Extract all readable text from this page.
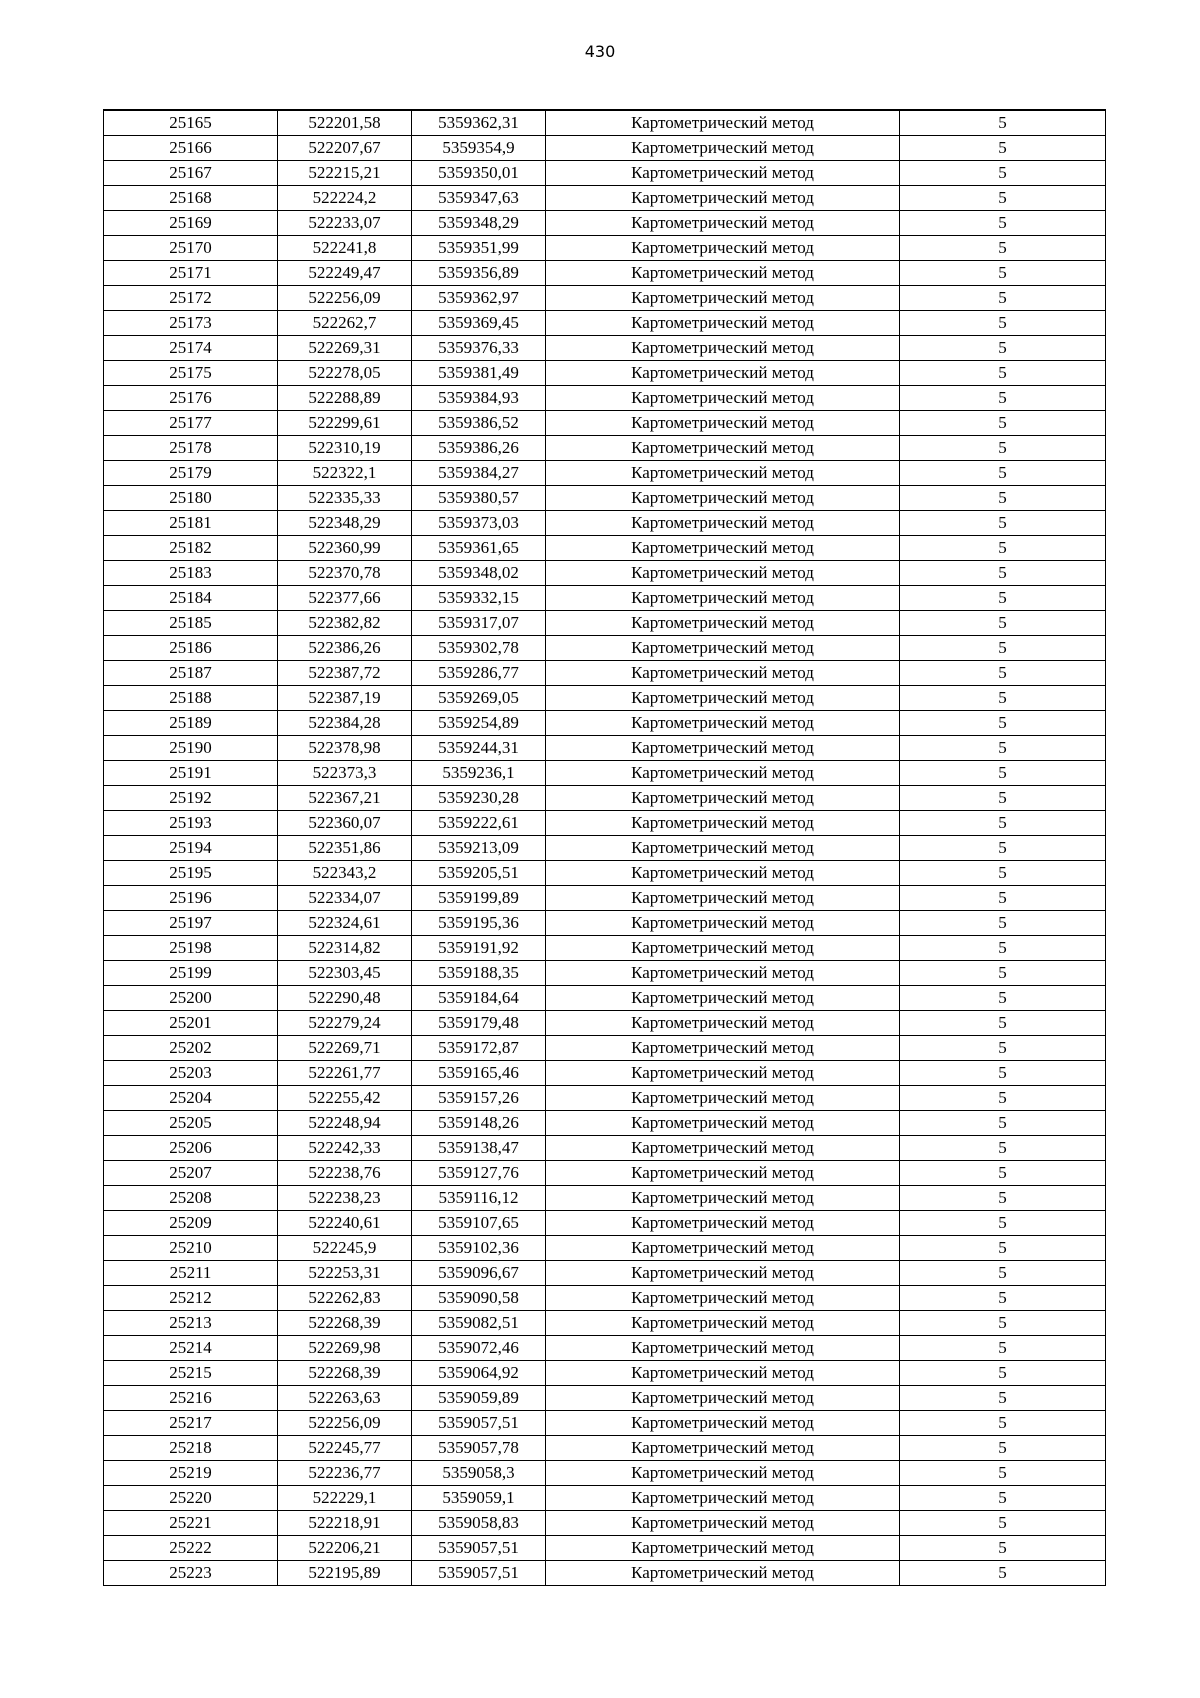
430
25165	522201,58	5359362,31	Картометрический метод	5
25166	522207,67	5359354,9	Картометрический метод	5
25167	522215,21	5359350,01	Картометрический метод	5
25168	522224,2	5359347,63	Картометрический метод	5
25169	522233,07	5359348,29	Картометрический метод	5
25170	522241,8	5359351,99	Картометрический метод	5
25171	522249,47	5359356,89	Картометрический метод	5
25172	522256,09	5359362,97	Картометрический метод	5
25173	522262,7	5359369,45	Картометрический метод	5
25174	522269,31	5359376,33	Картометрический метод	5
25175	522278,05	5359381,49	Картометрический метод	5
25176	522288,89	5359384,93	Картометрический метод	5
25177	522299,61	5359386,52	Картометрический метод	5
25178	522310,19	5359386,26	Картометрический метод	5
25179	522322,1	5359384,27	Картометрический метод	5
25180	522335,33	5359380,57	Картометрический метод	5
25181	522348,29	5359373,03	Картометрический метод	5
25182	522360,99	5359361,65	Картометрический метод	5
25183	522370,78	5359348,02	Картометрический метод	5
25184	522377,66	5359332,15	Картометрический метод	5
25185	522382,82	5359317,07	Картометрический метод	5
25186	522386,26	5359302,78	Картометрический метод	5
25187	522387,72	5359286,77	Картометрический метод	5
25188	522387,19	5359269,05	Картометрический метод	5
25189	522384,28	5359254,89	Картометрический метод	5
25190	522378,98	5359244,31	Картометрический метод	5
25191	522373,3	5359236,1	Картометрический метод	5
25192	522367,21	5359230,28	Картометрический метод	5
25193	522360,07	5359222,61	Картометрический метод	5
25194	522351,86	5359213,09	Картометрический метод	5
25195	522343,2	5359205,51	Картометрический метод	5
25196	522334,07	5359199,89	Картометрический метод	5
25197	522324,61	5359195,36	Картометрический метод	5
25198	522314,82	5359191,92	Картометрический метод	5
25199	522303,45	5359188,35	Картометрический метод	5
25200	522290,48	5359184,64	Картометрический метод	5
25201	522279,24	5359179,48	Картометрический метод	5
25202	522269,71	5359172,87	Картометрический метод	5
25203	522261,77	5359165,46	Картометрический метод	5
25204	522255,42	5359157,26	Картометрический метод	5
25205	522248,94	5359148,26	Картометрический метод	5
25206	522242,33	5359138,47	Картометрический метод	5
25207	522238,76	5359127,76	Картометрический метод	5
25208	522238,23	5359116,12	Картометрический метод	5
25209	522240,61	5359107,65	Картометрический метод	5
25210	522245,9	5359102,36	Картометрический метод	5
25211	522253,31	5359096,67	Картометрический метод	5
25212	522262,83	5359090,58	Картометрический метод	5
25213	522268,39	5359082,51	Картометрический метод	5
25214	522269,98	5359072,46	Картометрический метод	5
25215	522268,39	5359064,92	Картометрический метод	5
25216	522263,63	5359059,89	Картометрический метод	5
25217	522256,09	5359057,51	Картометрический метод	5
25218	522245,77	5359057,78	Картометрический метод	5
25219	522236,77	5359058,3	Картометрический метод	5
25220	522229,1	5359059,1	Картометрический метод	5
25221	522218,91	5359058,83	Картометрический метод	5
25222	522206,21	5359057,51	Картометрический метод	5
25223	522195,89	5359057,51	Картометрический метод	5
